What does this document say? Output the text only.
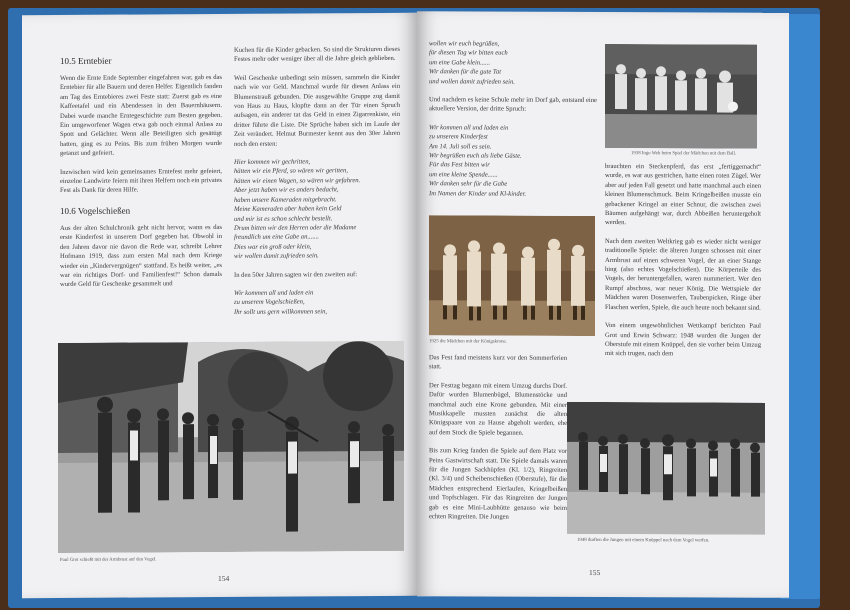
10.5 Erntebier

Wenn die Ernte Ende September eingefahren war, gab es das Erntebier für alle Bauern und deren Helfer. Eigentlich fanden am Tag des Erntebieres zwei Feste statt: Zuerst gab es eine Kaffeetafel und ein Abendessen in den Bauernhäusern. Dabei wurde manche Erntegeschichte zum Besten gegeben. Ein umgeworfener Wagen etwa gab noch einmal Anlass zu Spott und Gelächter. Wenn alle Beteiligten sich gesättigt hatten, ging es zu Peins. Bis zum frühen Morgen wurde getanzt und gefeiert.

Inzwischen wird kein gemeinsames Erntefest mehr gefeiert, einzelne Landwirte feiern mit ihren Helfern noch ein privates Fest als Dank für deren Hilfe.

10.6 Vogelschießen

Aus der alten Schulchronik geht nicht hervor, wann es das erste Kinderfest in unserem Dorf gegeben hat. Obwohl in den Jahren davor nie davon die Rede war, schreibt Lehrer Hofmann 1919, dass zum ersten Mal nach dem Kriege wieder ein „Kindervergnügen“ stattfand. Es heißt weiter, „es war ein richtiges Dorf- und Familienfest!“ Schon damals wurde Geld für Geschenke gesammelt und

Kuchen für die Kinder gebacken. So sind die Strukturen dieses Festes mehr oder weniger über all die Jahre gleich geblieben.

Weil Geschenke unbedingt sein müssen, sammeln die Kinder nach wie vor Geld. Manchmal wurde für diesen Anlass ein Blumenstrauß gebunden. Die ausgewählte Gruppe zog damit von Haus zu Haus, klopfte dann an der Tür einen Spruch aufsagen, ein anderer tat das Geld in einen Zigarrenkiste, ein dritter führte die Liste. Die Sprüche haben sich im Laufe der Zeit verändert. Helmut Burmester kennt aus den 30er Jahren noch den ersten:

Hier kommen wir gechritten,
hätten wir ein Pferd, so wären wir geritten,
hätten wir einen Wagen, so wären wir gefahren.
Aber jetzt haben wir es anders bedacht,
haben unsere Kameraden mitgebracht.
Meine Kameraden aber haben kein Geld
und mir ist es schon schlecht bestellt.
Drum bitten wir den Herren oder die Madame
freundlich um eine Gabe an.......
Dies war ein groß oder klein,
wir wollen damit zufrieden sein.

In den 50er Jahren sagten wir den zweiten auf:

Wir kommen all und laden ein
zu unserem Vogelschießen,
Ihr sollt uns gern willkommen sein,
Paul Grot schießt mit der Armbrust auf den Vogel.
154
wollen wir euch begrüßen,
für diesen Tag wir bitten euch
um eine Gabe klein......
Wir danken für die gute Tat
und wollen damit zufrieden sein.

Und nachdem es keine Schule mehr im Dorf gab, entstand eine aktuellere Version, der dritte Spruch:

Wir kommen all und laden ein
zu unserem Kinderfest
Am 14. Juli soll es sein.
Wir begrüßen euch als liebe Gäste.
Für das Fest bitten wir
um eine kleine Spende......
Wir danken sehr für die Gabe
Im Namen der Kinder und Kl-kinder.
1925 die Mädchen mit der Königskrone.

Das Fest fand meistens kurz vor den Sommerferien statt.

Der Festtag begann mit einem Umzug durchs Dorf. Dafür wurden Blumenbügel, Blumenstöcke und manchmal auch eine Krone gebunden. Mit einer Musikkapelle mussten zunächst die alten Königspaare von zu Hause abgeholt werden, ehe auf dem Stock die Spiele begannen.

Bis zum Krieg fanden die Spiele auf dem Platz vor Peins Gastwirtschaft statt. Die Spiele damals waren für die Jungen Sackhüpfen (Kl. 1/2), Ringreiten (Kl. 3/4) und Scheibenschießen (Oberstufe), für die Mädchen entsprechend Eierlaufen, Kringelbeißen und Topfschlagen. Für das Ringreiten der Jungen gab es eine Mini-Laubhütte genauso wie beim echten Ringreiten. Die Jungen

1938 Ingo Weh beim Spiel der Mädchen mit dem Ball.

brauchten ein Steckenpferd, das erst „fertiggemacht“ wurde, es war aus gestrichen, hatte einen roten Zügel. Wer aber auf jeden Fall gesetzt und hatte manchmal auch einen kleinen Blumenschmuck. Beim Kringelbeißen musste ein gebackener Kringel an einer Schnur, die zwischen zwei Bäumen aufgehängt war, durch Abbeißen heruntergeholt werden.

Nach dem zweiten Weltkrieg gab es wieder nicht weniger traditionelle Spiele: die älteren Jungen schossen mit einer Armbrust auf einen schweren Vogel, der an einer Stange hing (also echtes Vogelschießen). Die Körperteile des Vogels, der heruntergefallen, waren nummeriert. Wer den Rumpf abschoss, war neuer König. Die Wettspiele der Mädchen waren Dosenwerfen, Taubenpicken, Ringe über Flaschen werfen, Spiele, die auch heute noch bekannt sind.

Von einem ungewöhnlichen Wettkampf berichten Paul Grot und Erwin Schwarz: 1948 wurden die Jungen der Oberstufe mit einem Knüppel, den sie vorher beim Umzug mit sich trugen, nach dem

1948 durften die Jungen mit einem Knüppel nach dem Vogel werfen.
155
